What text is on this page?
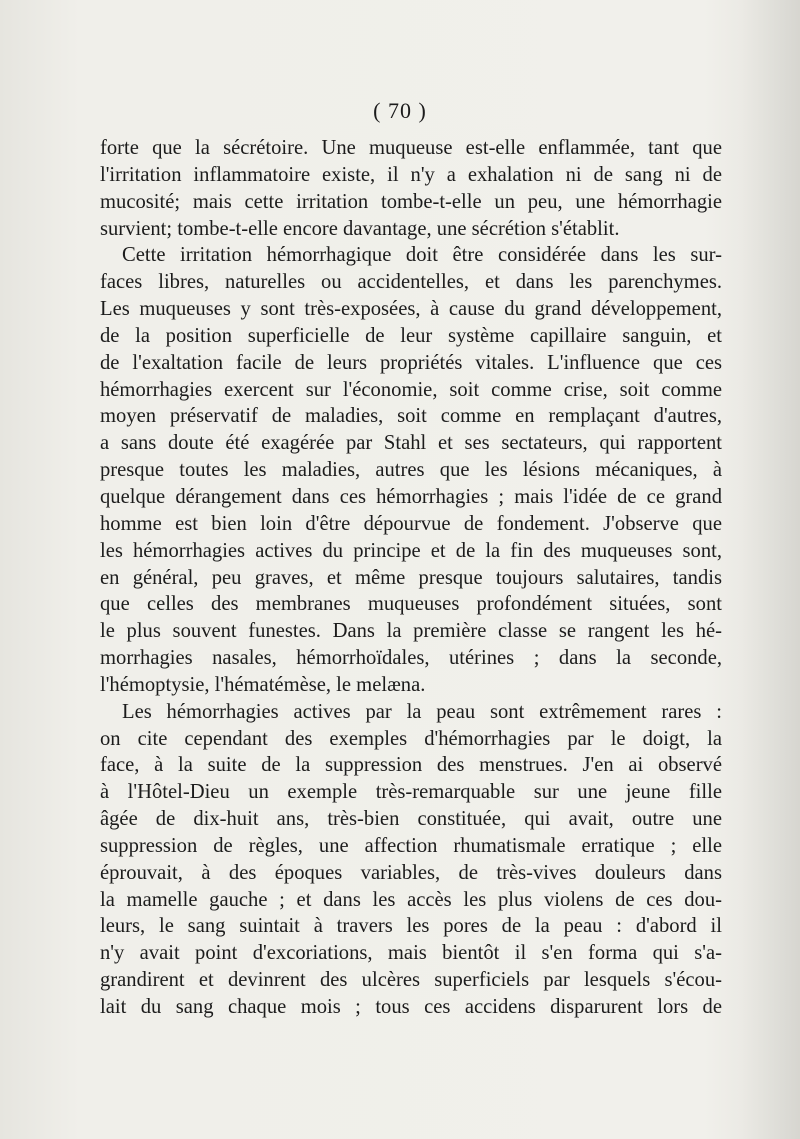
( 70 )
forte que la sécrétoire. Une muqueuse est-elle enflammée, tant que
l'irritation inflammatoire existe, il n'y a exhalation ni de sang ni de
mucosité; mais cette irritation tombe-t-elle un peu, une hémorrhagie
survient; tombe-t-elle encore davantage, une sécrétion s'établit.
Cette irritation hémorrhagique doit être considérée dans les sur-
faces libres, naturelles ou accidentelles, et dans les parenchymes.
Les muqueuses y sont très-exposées, à cause du grand développement,
de la position superficielle de leur système capillaire sanguin, et
de l'exaltation facile de leurs propriétés vitales. L'influence que ces
hémorrhagies exercent sur l'économie, soit comme crise, soit comme
moyen préservatif de maladies, soit comme en remplaçant d'autres,
a sans doute été exagérée par Stahl et ses sectateurs, qui rapportent
presque toutes les maladies, autres que les lésions mécaniques, à
quelque dérangement dans ces hémorrhagies ; mais l'idée de ce grand
homme est bien loin d'être dépourvue de fondement. J'observe que
les hémorrhagies actives du principe et de la fin des muqueuses sont,
en général, peu graves, et même presque toujours salutaires, tandis
que celles des membranes muqueuses profondément situées, sont
le plus souvent funestes. Dans la première classe se rangent les hé-
morrhagies nasales, hémorrhoïdales, utérines ; dans la seconde,
l'hémoptysie, l'hématémèse, le melæna.
Les hémorrhagies actives par la peau sont extrêmement rares :
on cite cependant des exemples d'hémorrhagies par le doigt, la
face, à la suite de la suppression des menstrues. J'en ai observé
à l'Hôtel-Dieu un exemple très-remarquable sur une jeune fille
âgée de dix-huit ans, très-bien constituée, qui avait, outre une
suppression de règles, une affection rhumatismale erratique ; elle
éprouvait, à des époques variables, de très-vives douleurs dans
la mamelle gauche ; et dans les accès les plus violens de ces dou-
leurs, le sang suintait à travers les pores de la peau : d'abord il
n'y avait point d'excoriations, mais bientôt il s'en forma qui s'a-
grandirent et devinrent des ulcères superficiels par lesquels s'écou-
lait du sang chaque mois ; tous ces accidens disparurent lors de
